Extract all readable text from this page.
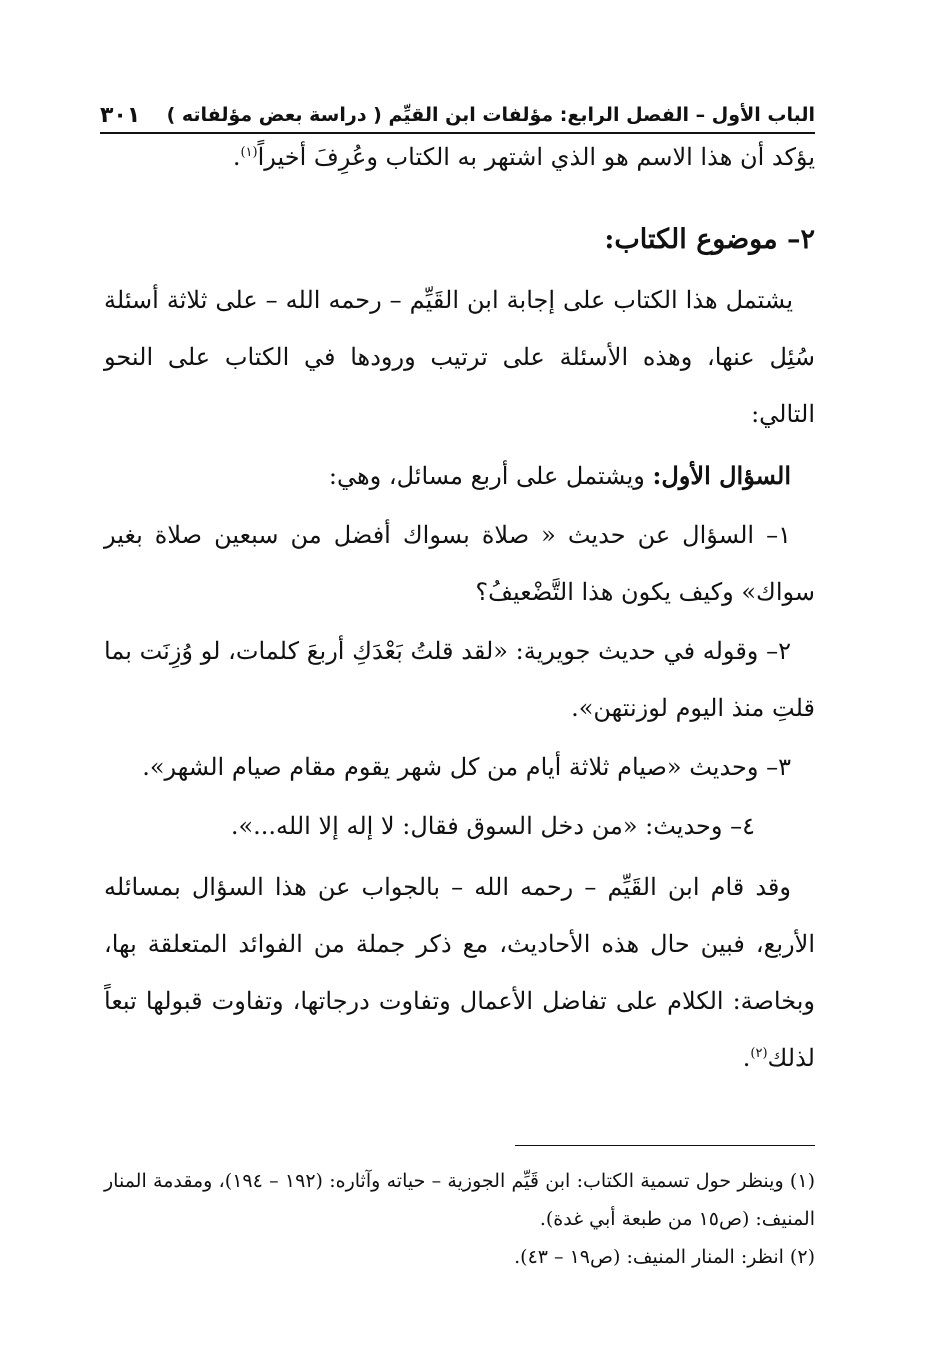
الباب الأول – الفصل الرابع: مؤلفات ابن القيِّم ( دراسة بعض مؤلفاته )
٣٠١
يؤكد أن هذا الاسم هو الذي اشتهر به الكتاب وعُرِفَ أخيراً$^{(١)}$.

٢– موضوع الكتاب:

يشتمل هذا الكتاب على إجابة ابن القَيِّم – رحمه الله – على ثلاثة أسئلة سُئِل عنها، وهذه الأسئلة على ترتيب ورودها في الكتاب على النحو التالي:

السؤال الأول: ويشتمل على أربع مسائل، وهي:

١– السؤال عن حديث « صلاة بسواك أفضل من سبعين صلاة بغير سواك» وكيف يكون هذا التَّضْعيفُ؟

٢– وقوله في حديث جويرية: «لقد قلتُ بَعْدَكِ أربعَ كلمات، لو وُزِنَت بما قلتِ منذ اليوم لوزنتهن».

٣– وحديث «صيام ثلاثة أيام من كل شهر يقوم مقام صيام الشهر».

٤– وحديث: «من دخل السوق فقال: لا إله إلا الله...».

وقد قام ابن القَيِّم – رحمه الله – بالجواب عن هذا السؤال بمسائله الأربع، فبين حال هذه الأحاديث، مع ذكر جملة من الفوائد المتعلقة بها، وبخاصة: الكلام على تفاضل الأعمال وتفاوت درجاتها، وتفاوت قبولها تبعاً لذلك$^{(٢)}$.

(١) وينظر حول تسمية الكتاب: ابن قَيِّم الجوزية – حياته وآثاره: (١٩٢ – ١٩٤)، ومقدمة المنار المنيف: (ص١٥ من طبعة أبي غدة).

(٢) انظر: المنار المنيف: (ص١٩ – ٤٣).
